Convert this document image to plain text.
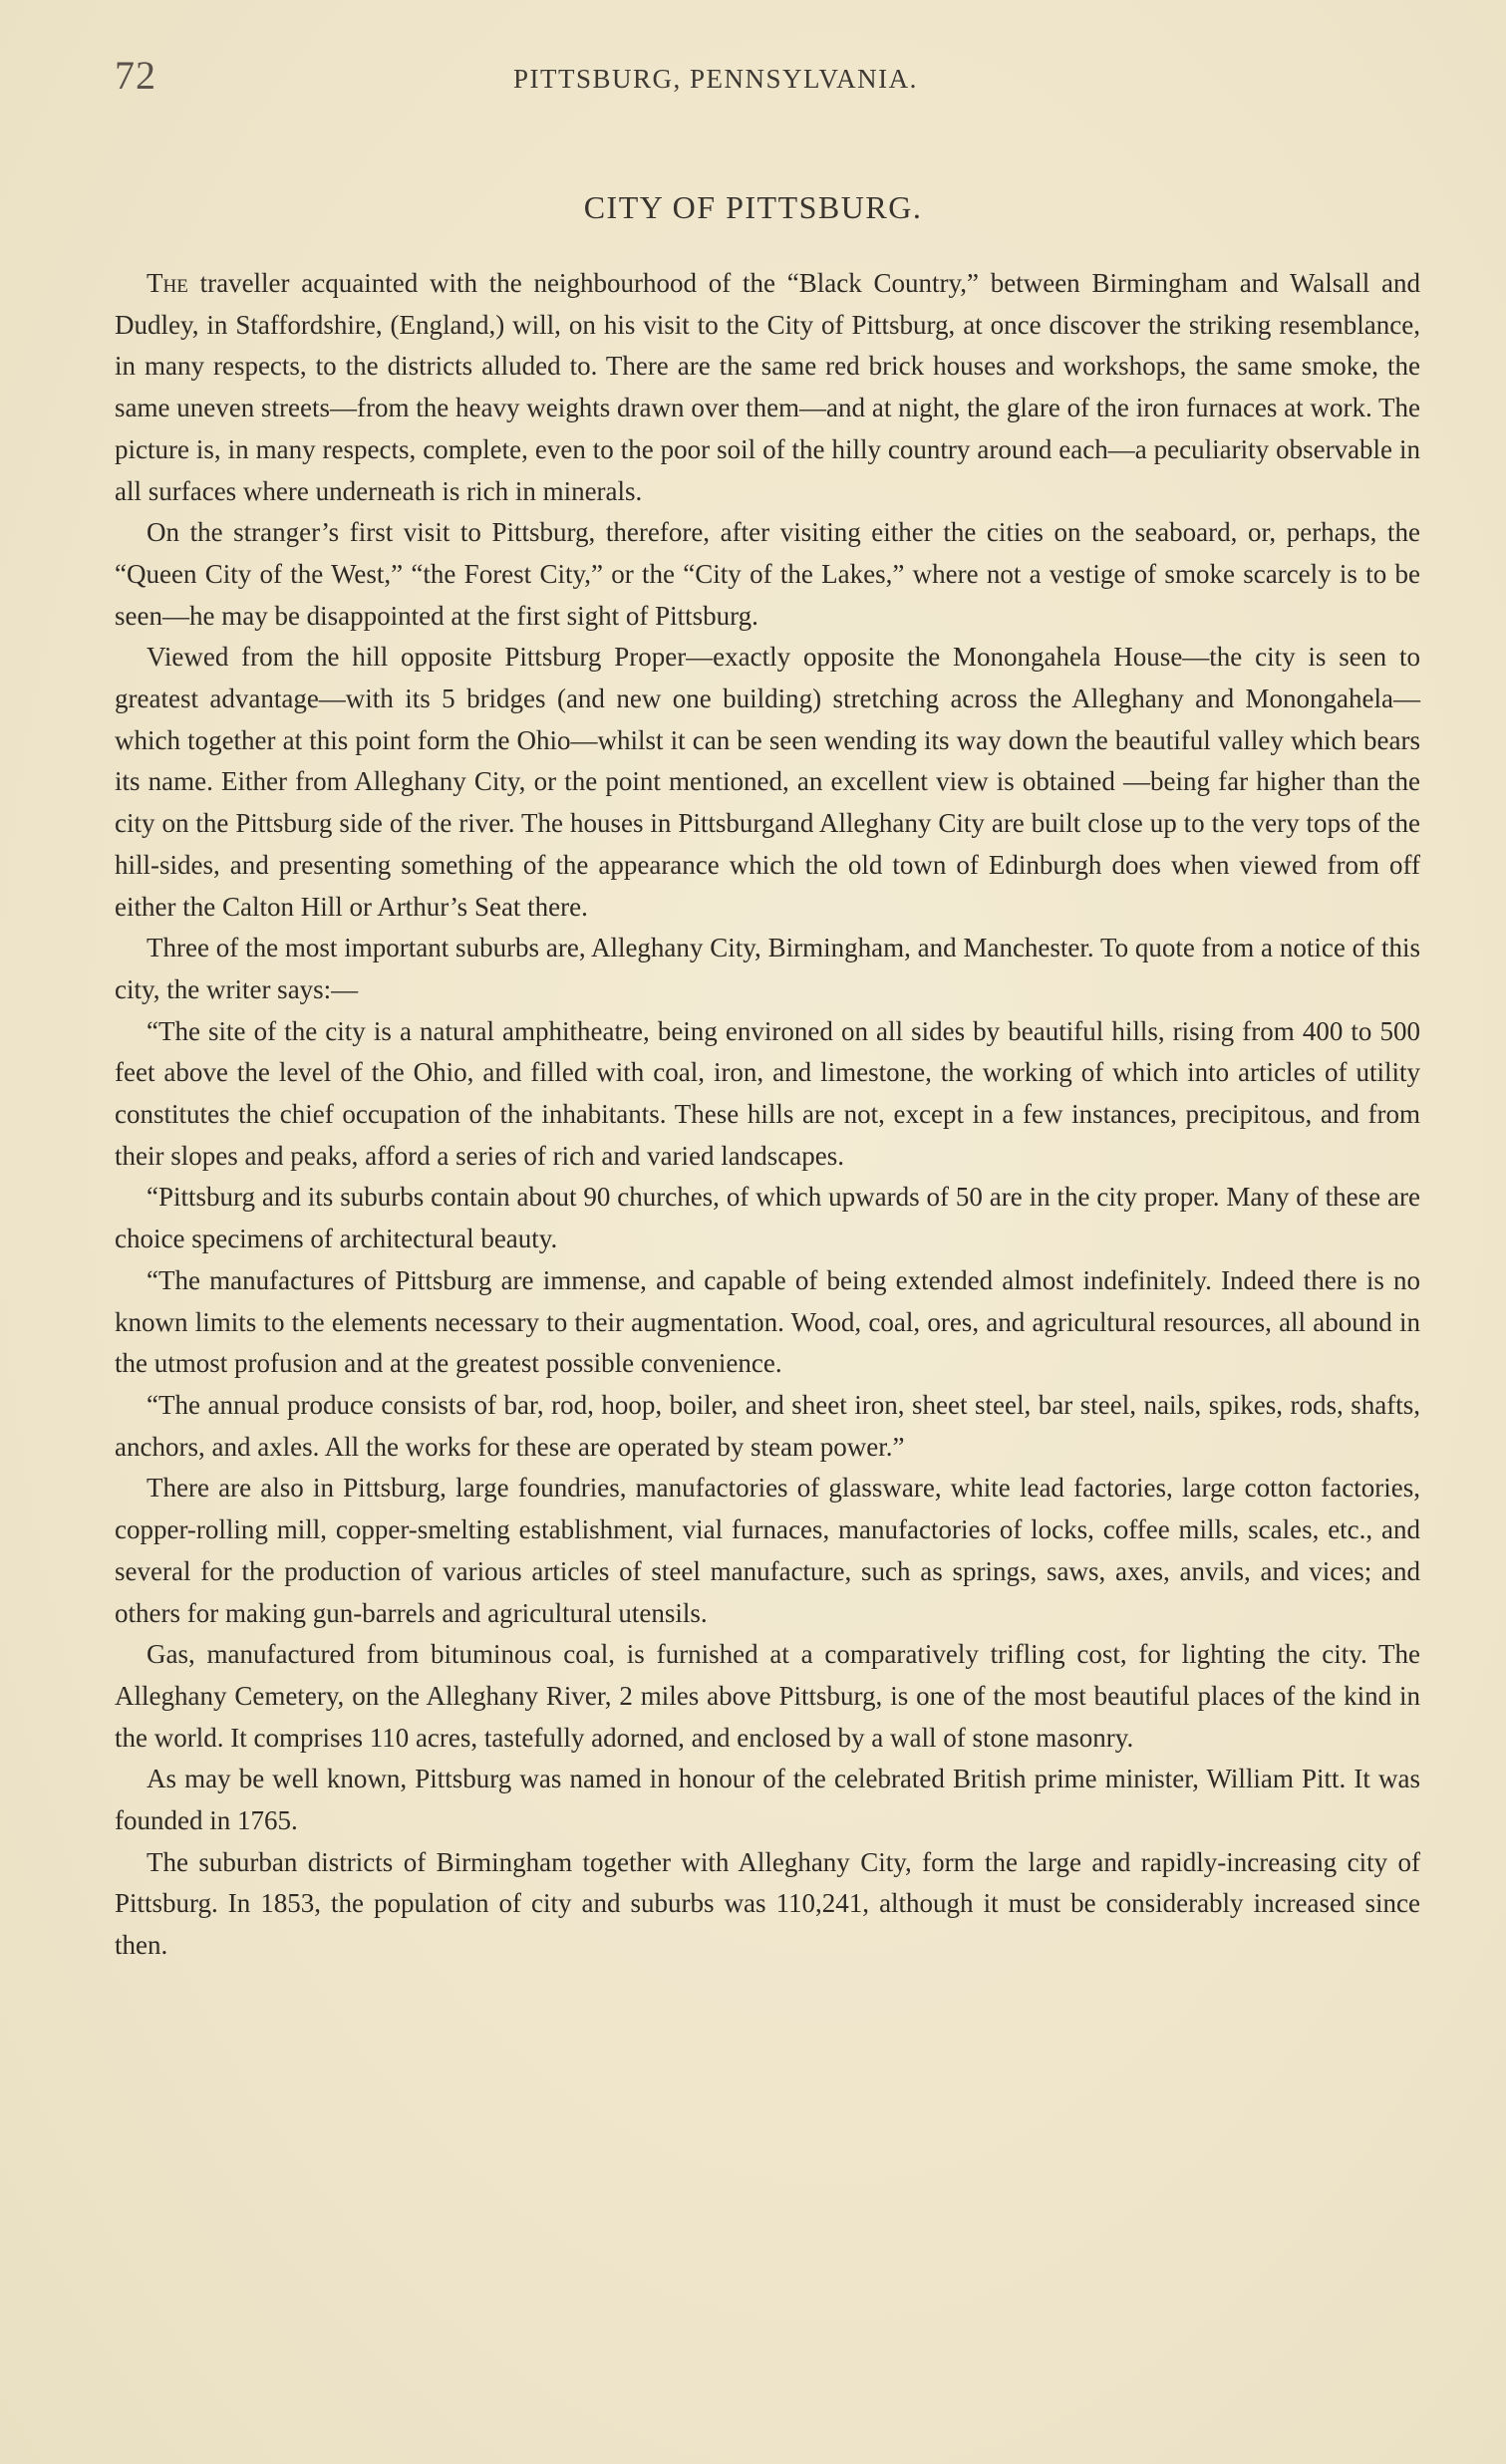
72	PITTSBURG, PENNSYLVANIA.
CITY OF PITTSBURG.

The traveller acquainted with the neighbourhood of the “Black Country,” between Birmingham and Walsall and Dudley, in Staffordshire, (England,) will, on his visit to the City of Pittsburg, at once discover the striking resemblance, in many respects, to the districts alluded to. There are the same red brick houses and workshops, the same smoke, the same uneven streets—from the heavy weights drawn over them—and at night, the glare of the iron furnaces at work. The picture is, in many respects, complete, even to the poor soil of the hilly country around each—a peculiarity observable in all surfaces where underneath is rich in minerals.

On the stranger’s first visit to Pittsburg, therefore, after visiting either the cities on the seaboard, or, perhaps, the “Queen City of the West,” “the Forest City,” or the “City of the Lakes,” where not a vestige of smoke scarcely is to be seen—he may be disappointed at the first sight of Pittsburg.

Viewed from the hill opposite Pittsburg Proper—exactly opposite the Monongahela House—the city is seen to greatest advantage—with its 5 bridges (and new one building) stretching across the Alleghany and Monongahela—which together at this point form the Ohio—whilst it can be seen wending its way down the beautiful valley which bears its name. Either from Alleghany City, or the point mentioned, an excellent view is obtained —being far higher than the city on the Pittsburg side of the river. The houses in Pittsburgand Alleghany City are built close up to the very tops of the hill-sides, and presenting something of the appearance which the old town of Edinburgh does when viewed from off either the Calton Hill or Arthur’s Seat there.

Three of the most important suburbs are, Alleghany City, Birmingham, and Manchester. To quote from a notice of this city, the writer says:—

“The site of the city is a natural amphitheatre, being environed on all sides by beautiful hills, rising from 400 to 500 feet above the level of the Ohio, and filled with coal, iron, and limestone, the working of which into articles of utility constitutes the chief occupation of the inhabitants. These hills are not, except in a few instances, precipitous, and from their slopes and peaks, afford a series of rich and varied landscapes.

“Pittsburg and its suburbs contain about 90 churches, of which upwards of 50 are in the city proper. Many of these are choice specimens of architectural beauty.

“The manufactures of Pittsburg are immense, and capable of being extended almost indefinitely. Indeed there is no known limits to the elements necessary to their augmentation. Wood, coal, ores, and agricultural resources, all abound in the utmost profusion and at the greatest possible convenience.

“The annual produce consists of bar, rod, hoop, boiler, and sheet iron, sheet steel, bar steel, nails, spikes, rods, shafts, anchors, and axles. All the works for these are operated by steam power.”

There are also in Pittsburg, large foundries, manufactories of glassware, white lead factories, large cotton factories, copper-rolling mill, copper-smelting establishment, vial furnaces, manufactories of locks, coffee mills, scales, etc., and several for the production of various articles of steel manufacture, such as springs, saws, axes, anvils, and vices; and others for making gun-barrels and agricultural utensils.

Gas, manufactured from bituminous coal, is furnished at a comparatively trifling cost, for lighting the city. The Alleghany Cemetery, on the Alleghany River, 2 miles above Pittsburg, is one of the most beautiful places of the kind in the world. It comprises 110 acres, tastefully adorned, and enclosed by a wall of stone masonry.

As may be well known, Pittsburg was named in honour of the celebrated British prime minister, William Pitt. It was founded in 1765.

The suburban districts of Birmingham together with Alleghany City, form the large and rapidly-increasing city of Pittsburg. In 1853, the population of city and suburbs was 110,241, although it must be considerably increased since then.
